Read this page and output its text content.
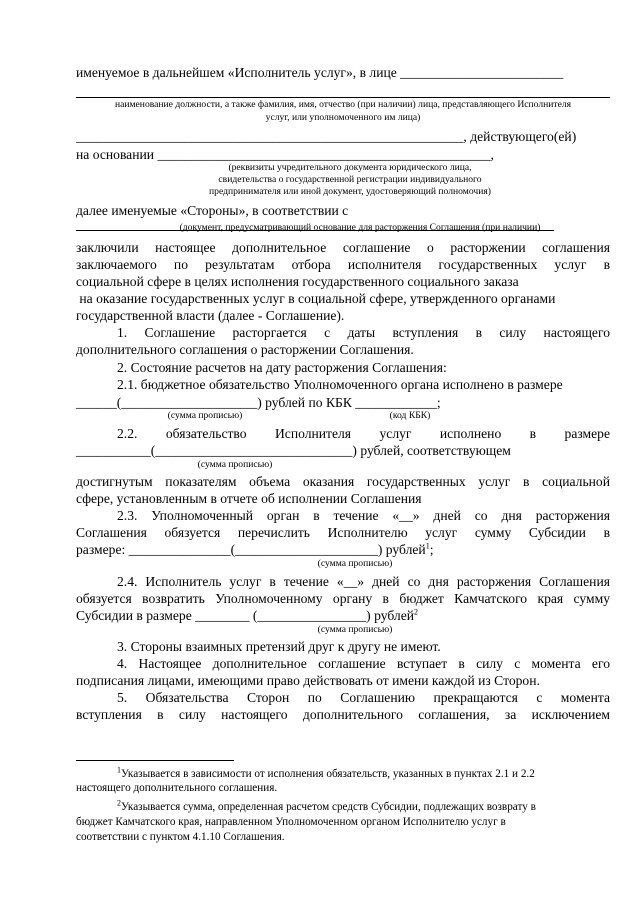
именуемое в дальнейшем «Исполнитель услуг», в лице ________________________
наименование должности, а также фамилия, имя, отчество (при наличии) лица, представляющего Исполнителя
услуг, или уполномоченного им лица)
_________________________________________________________, действующего(ей)
на основании _________________________________________________,
(реквизиты учредительного документа юридического лица,
свидетельства о государственной регистрации индивидуального
предпринимателя или иной документ, удостоверяющий полномочия)
далее именуемые «Стороны», в соответствии с
(документ, предусматривающий основание для расторжения Соглашения (при наличии)
заключили настоящее дополнительное соглашение о расторжении соглашения
заключаемого по результатам отбора исполнителя государственных услуг в
социальной сфере в целях исполнения государственного социального заказа
на оказание государственных услуг в социальной сфере, утвержденного органами
государственной власти (далее - Соглашение).
1. Соглашение расторгается с даты вступления в силу настоящего
дополнительного соглашения о расторжении Соглашения.
2. Состояние расчетов на дату расторжения Соглашения:
2.1. бюджетное обязательство Уполномоченного органа исполнено в размере
______(____________________) рублей по КБК ____________;
(сумма прописью)	(код КБК)
2.2. обязательство Исполнителя услуг исполнено в размере
___________(_____________________________) рублей, соответствующем
(сумма прописью)
достигнутым показателям объема оказания государственных услуг в социальной
сфере, установленным в отчете об исполнении Соглашения
2.3. Уполномоченный орган в течение «__» дней со дня расторжения
Соглашения обязуется перечислить Исполнителю услуг сумму Субсидии в
размере: _______________(_____________________) рублей$^1$;
(сумма прописью)
2.4. Исполнитель услуг в течение «__» дней со дня расторжения Соглашения
обязуется возвратить Уполномоченному органу в бюджет Камчатского края сумму
Субсидии в размере ________ (________________) рублей$^2$
(сумма прописью)
3. Стороны взаимных претензий друг к другу не имеют.
4. Настоящее дополнительное соглашение вступает в силу с момента его
подписания лицами, имеющими право действовать от имени каждой из Сторон.
5. Обязательства Сторон по Соглашению прекращаются с момента
вступления в силу настоящего дополнительного соглашения, за исключением
$^1$Указывается в зависимости от исполнения обязательств, указанных в пунктах 2.1 и 2.2
настоящего дополнительного соглашения.
$^2$Указывается сумма, определенная расчетом средств Субсидии, подлежащих возврату в
бюджет Камчатского края, направленном Уполномоченном органом Исполнителю услуг в
соответствии с пунктом 4.1.10 Соглашения.
